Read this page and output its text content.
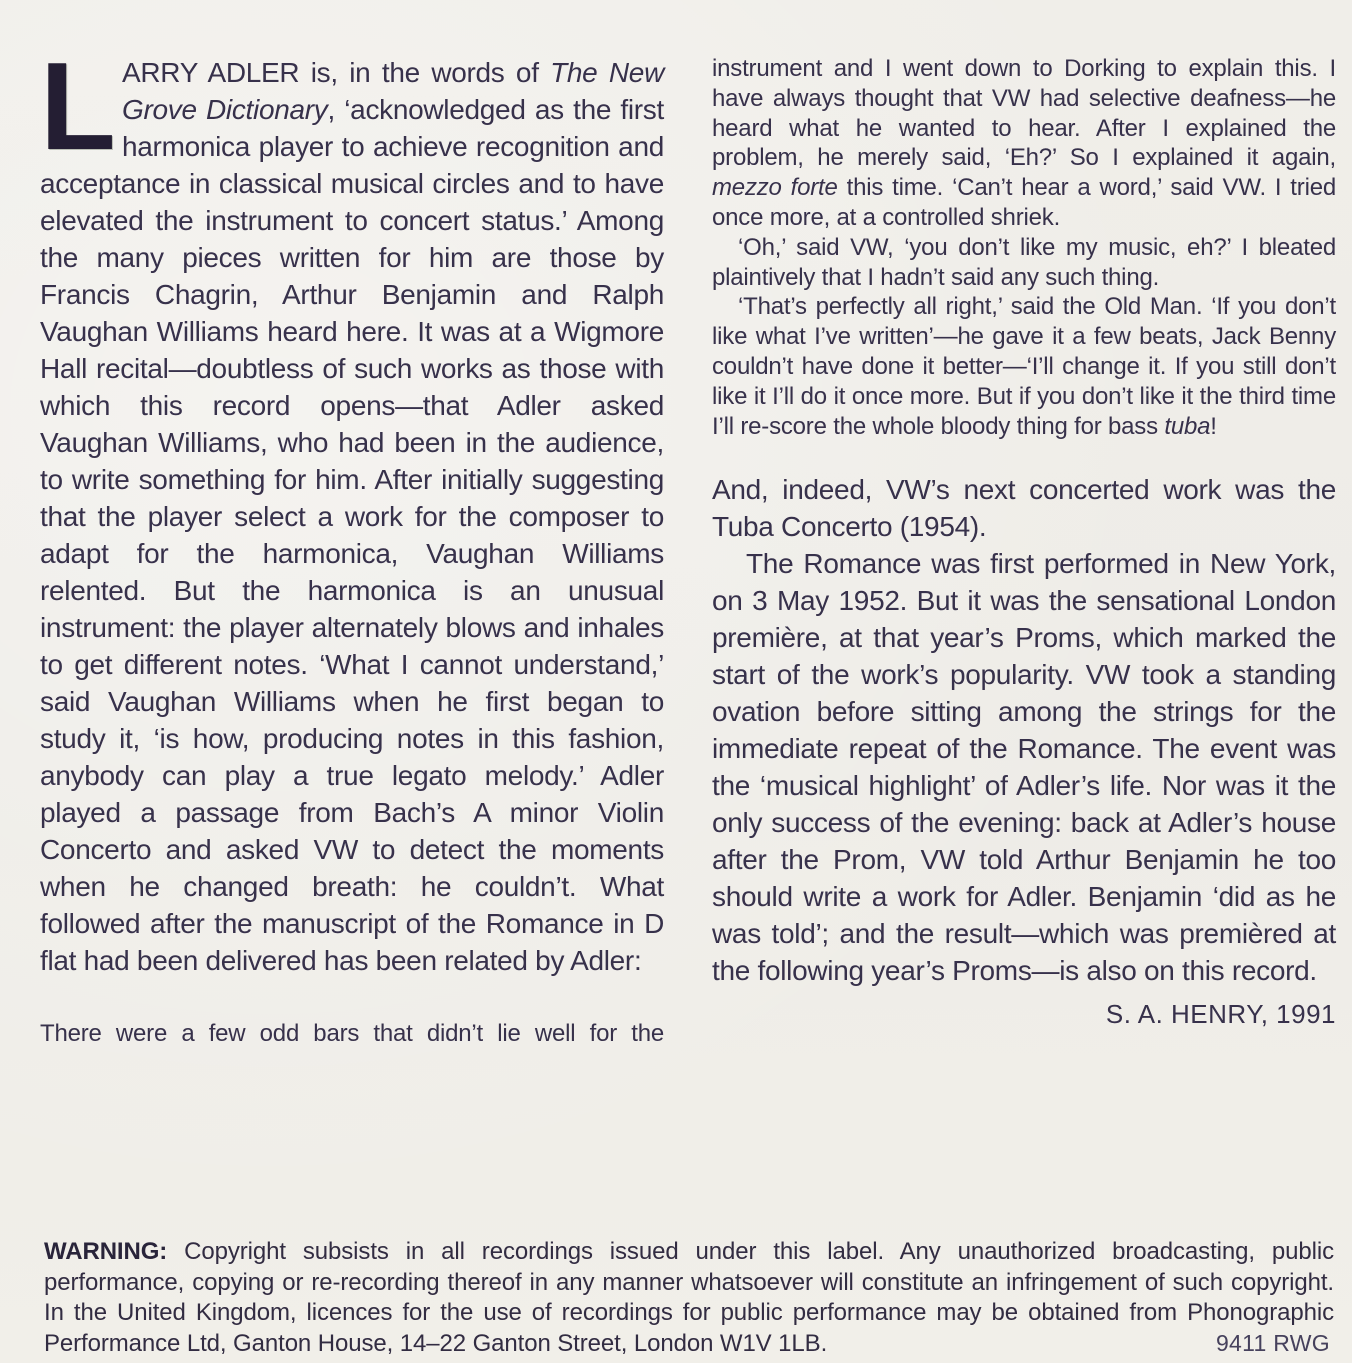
LARRY ADLER is, in the words of The New Grove Dictionary, ‘acknowledged as the first harmonica player to achieve recognition and acceptance in classical musical circles and to have elevated the instrument to concert status.’ Among the many pieces written for him are those by Francis Chagrin, Arthur Benjamin and Ralph Vaughan Williams heard here. It was at a Wigmore Hall recital—doubtless of such works as those with which this record opens—that Adler asked Vaughan Williams, who had been in the audience, to write something for him. After initially suggesting that the player select a work for the composer to adapt for the harmonica, Vaughan Williams relented. But the harmonica is an unusual instrument: the player alternately blows and inhales to get different notes. ‘What I cannot understand,’ said Vaughan Williams when he first began to study it, ‘is how, producing notes in this fashion, anybody can play a true legato melody.’ Adler played a passage from Bach’s A minor Violin Concerto and asked VW to detect the moments when he changed breath: he couldn’t. What followed after the manuscript of the Romance in D flat had been delivered has been related by Adler:

There were a few odd bars that didn’t lie well for the

instrument and I went down to Dorking to explain this. I have always thought that VW had selective deafness—he heard what he wanted to hear. After I explained the problem, he merely said, ‘Eh?’ So I explained it again, mezzo forte this time. ‘Can’t hear a word,’ said VW. I tried once more, at a controlled shriek.

‘Oh,’ said VW, ‘you don’t like my music, eh?’ I bleated plaintively that I hadn’t said any such thing.

‘That’s perfectly all right,’ said the Old Man. ‘If you don’t like what I’ve written’—he gave it a few beats, Jack Benny couldn’t have done it better—‘I’ll change it. If you still don’t like it I’ll do it once more. But if you don’t like it the third time I’ll re-score the whole bloody thing for bass tuba!

And, indeed, VW’s next concerted work was the Tuba Concerto (1954).

The Romance was first performed in New York, on 3 May 1952. But it was the sensational London première, at that year’s Proms, which marked the start of the work’s popularity. VW took a standing ovation before sitting among the strings for the immediate repeat of the Romance. The event was the ‘musical highlight’ of Adler’s life. Nor was it the only success of the evening: back at Adler’s house after the Prom, VW told Arthur Benjamin he too should write a work for Adler. Benjamin ‘did as he was told’; and the result—which was premièred at the following year’s Proms—is also on this record.

S. A. HENRY, 1991
WARNING: Copyright subsists in all recordings issued under this label. Any unauthorized broadcasting, public performance, copying or re-recording thereof in any manner whatsoever will constitute an infringement of such copyright. In the United Kingdom, licences for the use of recordings for public performance may be obtained from Phonographic Performance Ltd, Ganton House, 14–22 Ganton Street, London W1V 1LB.	9411 RWG
